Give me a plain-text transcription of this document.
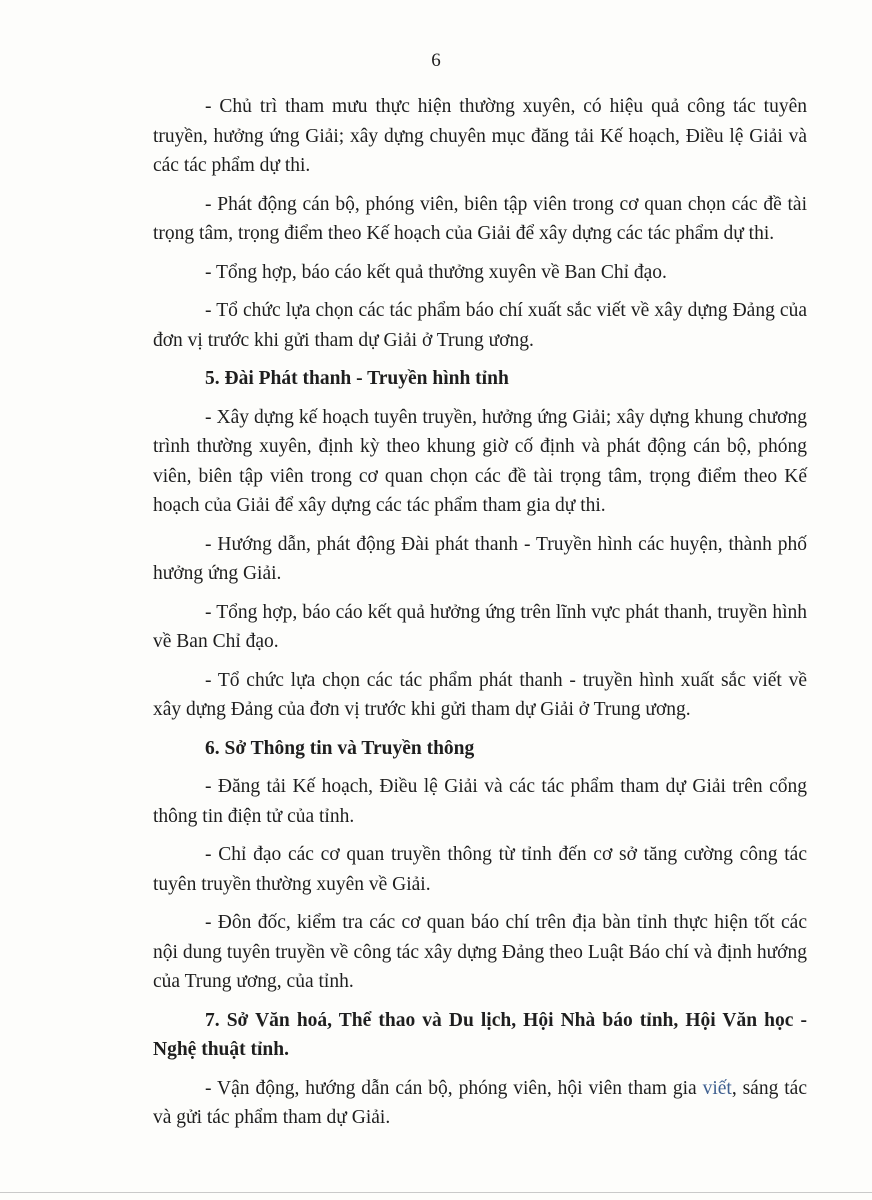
6

- Chủ trì tham mưu thực hiện thường xuyên, có hiệu quả công tác tuyên truyền, hưởng ứng Giải; xây dựng chuyên mục đăng tải Kế hoạch, Điều lệ Giải và các tác phẩm dự thi.

- Phát động cán bộ, phóng viên, biên tập viên trong cơ quan chọn các đề tài trọng tâm, trọng điểm theo Kế hoạch của Giải để xây dựng các tác phẩm dự thi.

- Tổng hợp, báo cáo kết quả thưởng xuyên về Ban Chỉ đạo.

- Tổ chức lựa chọn các tác phẩm báo chí xuất sắc viết về xây dựng Đảng của đơn vị trước khi gửi tham dự Giải ở Trung ương.

5. Đài Phát thanh - Truyền hình tỉnh

- Xây dựng kế hoạch tuyên truyền, hưởng ứng Giải; xây dựng khung chương trình thường xuyên, định kỳ theo khung giờ cố định và phát động cán bộ, phóng viên, biên tập viên trong cơ quan chọn các đề tài trọng tâm, trọng điểm theo Kế hoạch của Giải để xây dựng các tác phẩm tham gia dự thi.

- Hướng dẫn, phát động Đài phát thanh - Truyền hình các huyện, thành phố hưởng ứng Giải.

- Tổng hợp, báo cáo kết quả hưởng ứng trên lĩnh vực phát thanh, truyền hình về Ban Chỉ đạo.

- Tổ chức lựa chọn các tác phẩm phát thanh - truyền hình xuất sắc viết về xây dựng Đảng của đơn vị trước khi gửi tham dự Giải ở Trung ương.

6. Sở Thông tin và Truyền thông

- Đăng tải Kế hoạch, Điều lệ Giải và các tác phẩm tham dự Giải trên cổng thông tin điện tử của tỉnh.

- Chỉ đạo các cơ quan truyền thông từ tỉnh đến cơ sở tăng cường công tác tuyên truyền thường xuyên về Giải.

- Đôn đốc, kiểm tra các cơ quan báo chí trên địa bàn tỉnh thực hiện tốt các nội dung tuyên truyền về công tác xây dựng Đảng theo Luật Báo chí và định hướng của Trung ương, của tỉnh.

7. Sở Văn hoá, Thể thao và Du lịch, Hội Nhà báo tỉnh, Hội Văn học - Nghệ thuật tỉnh.

- Vận động, hướng dẫn cán bộ, phóng viên, hội viên tham gia viết, sáng tác và gửi tác phẩm tham dự Giải.
